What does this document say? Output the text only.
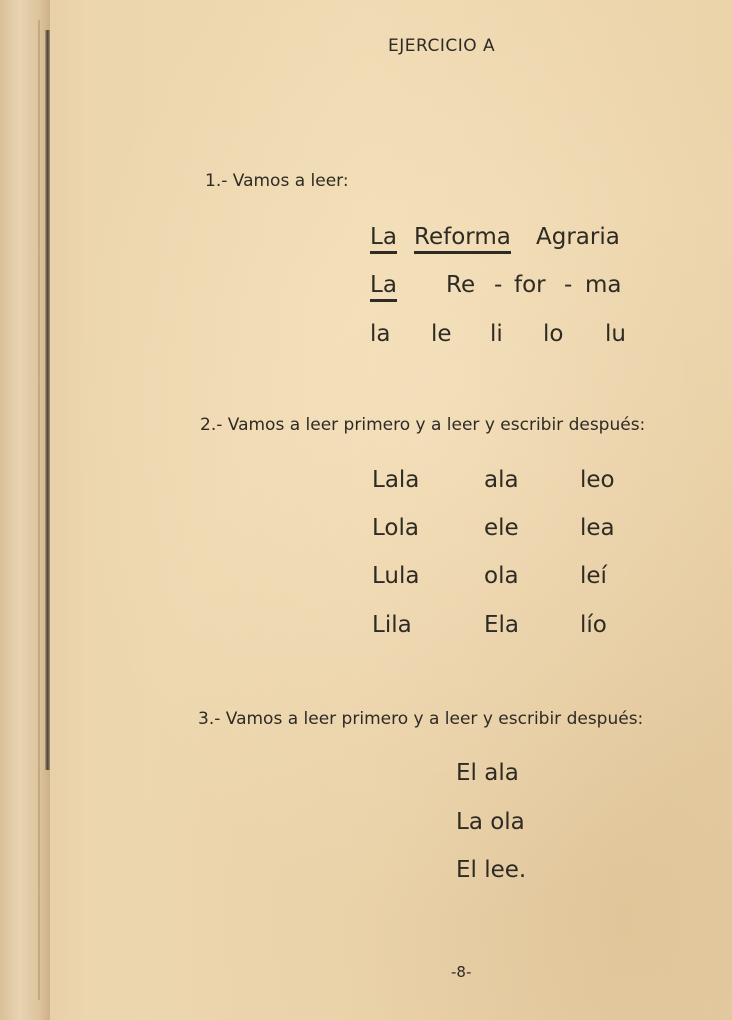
EJERCICIO A
1.- Vamos a leer:
La Reforma Agraria
La Re - for - ma
la le li lo lu
2.- Vamos a leer primero y a leer y escribir después:
Lala	ala	leo
Lola	ele	lea
Lula	ola	leí
Lila	Ela	lío
3.- Vamos a leer primero y a leer y escribir después:
El ala
La ola
El lee.
-8-
